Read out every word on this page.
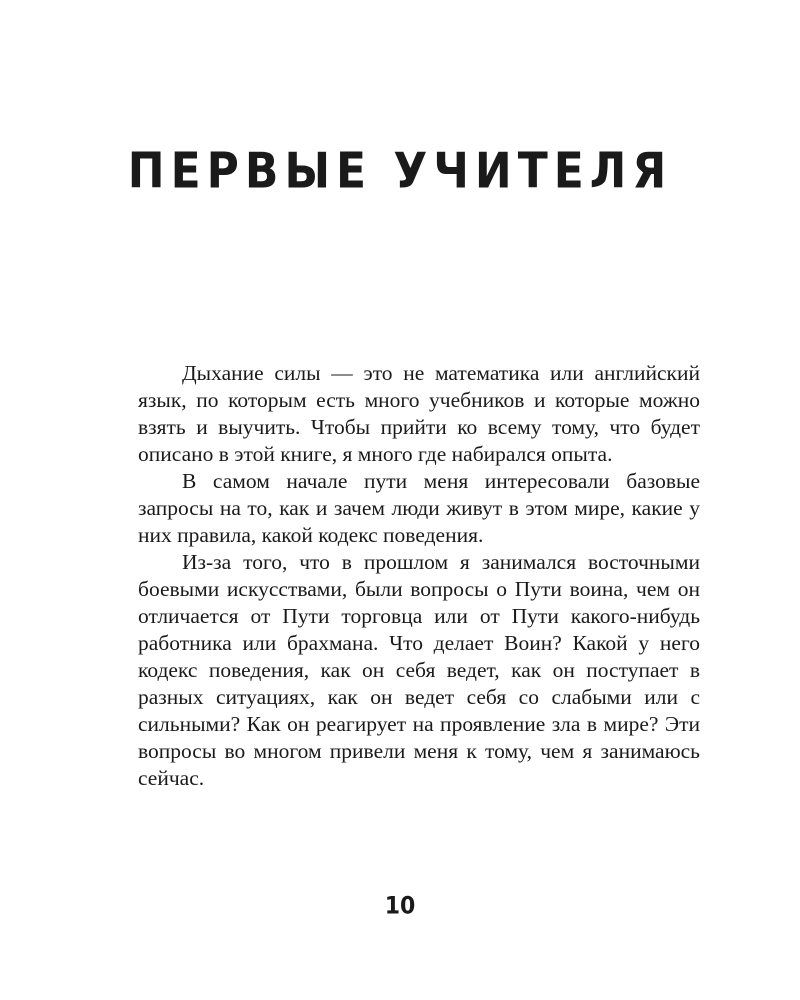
ПЕРВЫЕ УЧИТЕЛЯ

Дыхание силы — это не математика или английский язык, по которым есть много учебников и которые можно взять и выучить. Чтобы прийти ко всему тому, что будет описано в этой книге, я много где набирался опыта.

В самом начале пути меня интересовали базовые запросы на то, как и зачем люди живут в этом мире, какие у них правила, какой кодекс поведения.

Из-за того, что в прошлом я занимался восточными боевыми искусствами, были вопросы о Пути воина, чем он отличается от Пути торговца или от Пути какого-нибудь работника или брахмана. Что делает Воин? Какой у него кодекс поведения, как он себя ведет, как он поступает в разных ситуациях, как он ведет себя со слабыми или с сильными? Как он реагирует на проявление зла в мире? Эти вопросы во многом привели меня к тому, чем я занимаюсь сейчас.

10
